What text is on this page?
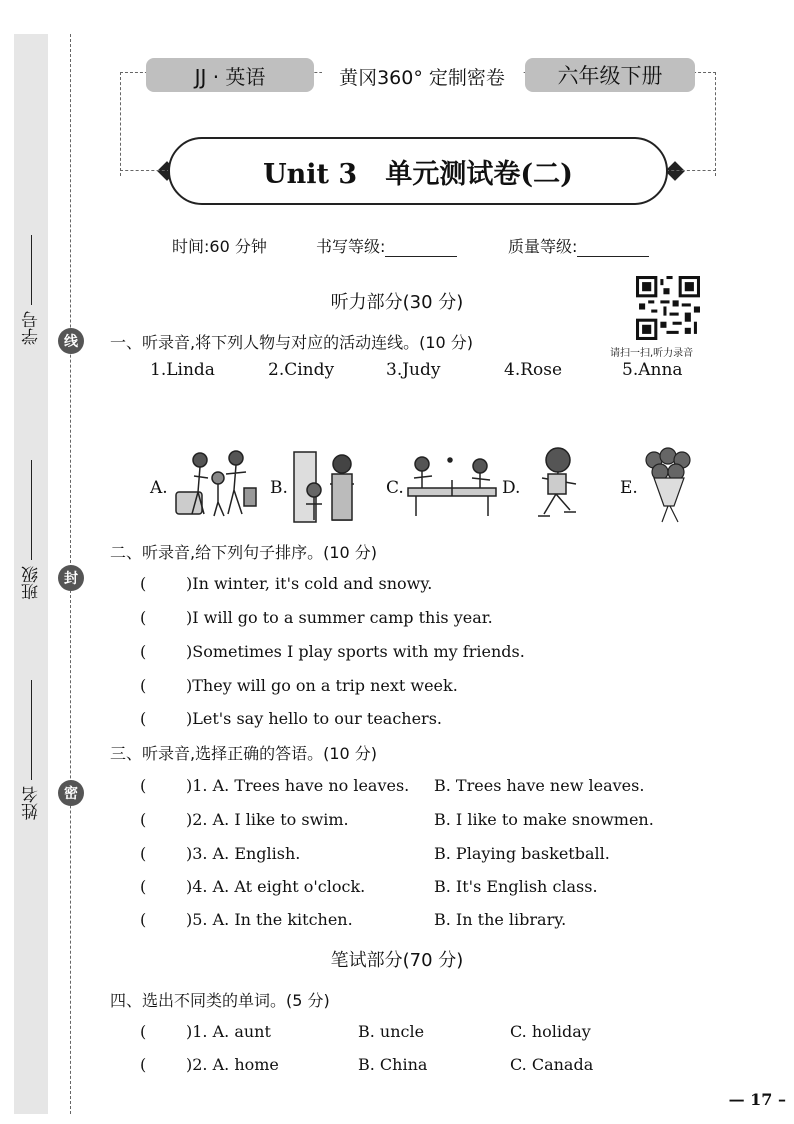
学号
班级
姓名
线
封
密
JJ · 英语	黄冈360° 定制密卷	六年级下册
Unit 3   单元测试卷(二)
时间:60 分钟	书写等级:	质量等级:
请扫一扫,听力录音
听力部分(30 分)
一、听录音,将下列人物与对应的活动连线。(10 分)
1.Linda	2.Cindy	3.Judy	4.Rose	5.Anna
A.	B.	C.	D.	E.
二、听录音,给下列句子排序。(10 分)
( )In winter, it's cold and snowy.
( )I will go to a summer camp this year.
( )Sometimes I play sports with my friends.
( )They will go on a trip next week.
( )Let's say hello to our teachers.
三、听录音,选择正确的答语。(10 分)
( )1. A. Trees have no leaves. B. Trees have new leaves.
( )2. A. I like to swim.	B. I like to make snowmen.
( )3. A. English.	B. Playing basketball.
( )4. A. At eight o'clock.	B. It's English class.
( )5. A. In the kitchen.	B. In the library.
笔试部分(70 分)
四、选出不同类的单词。(5 分)
( )1. A. aunt	B. uncle	C. holiday
( )2. A. home	B. China	C. Canada
— 17 –
